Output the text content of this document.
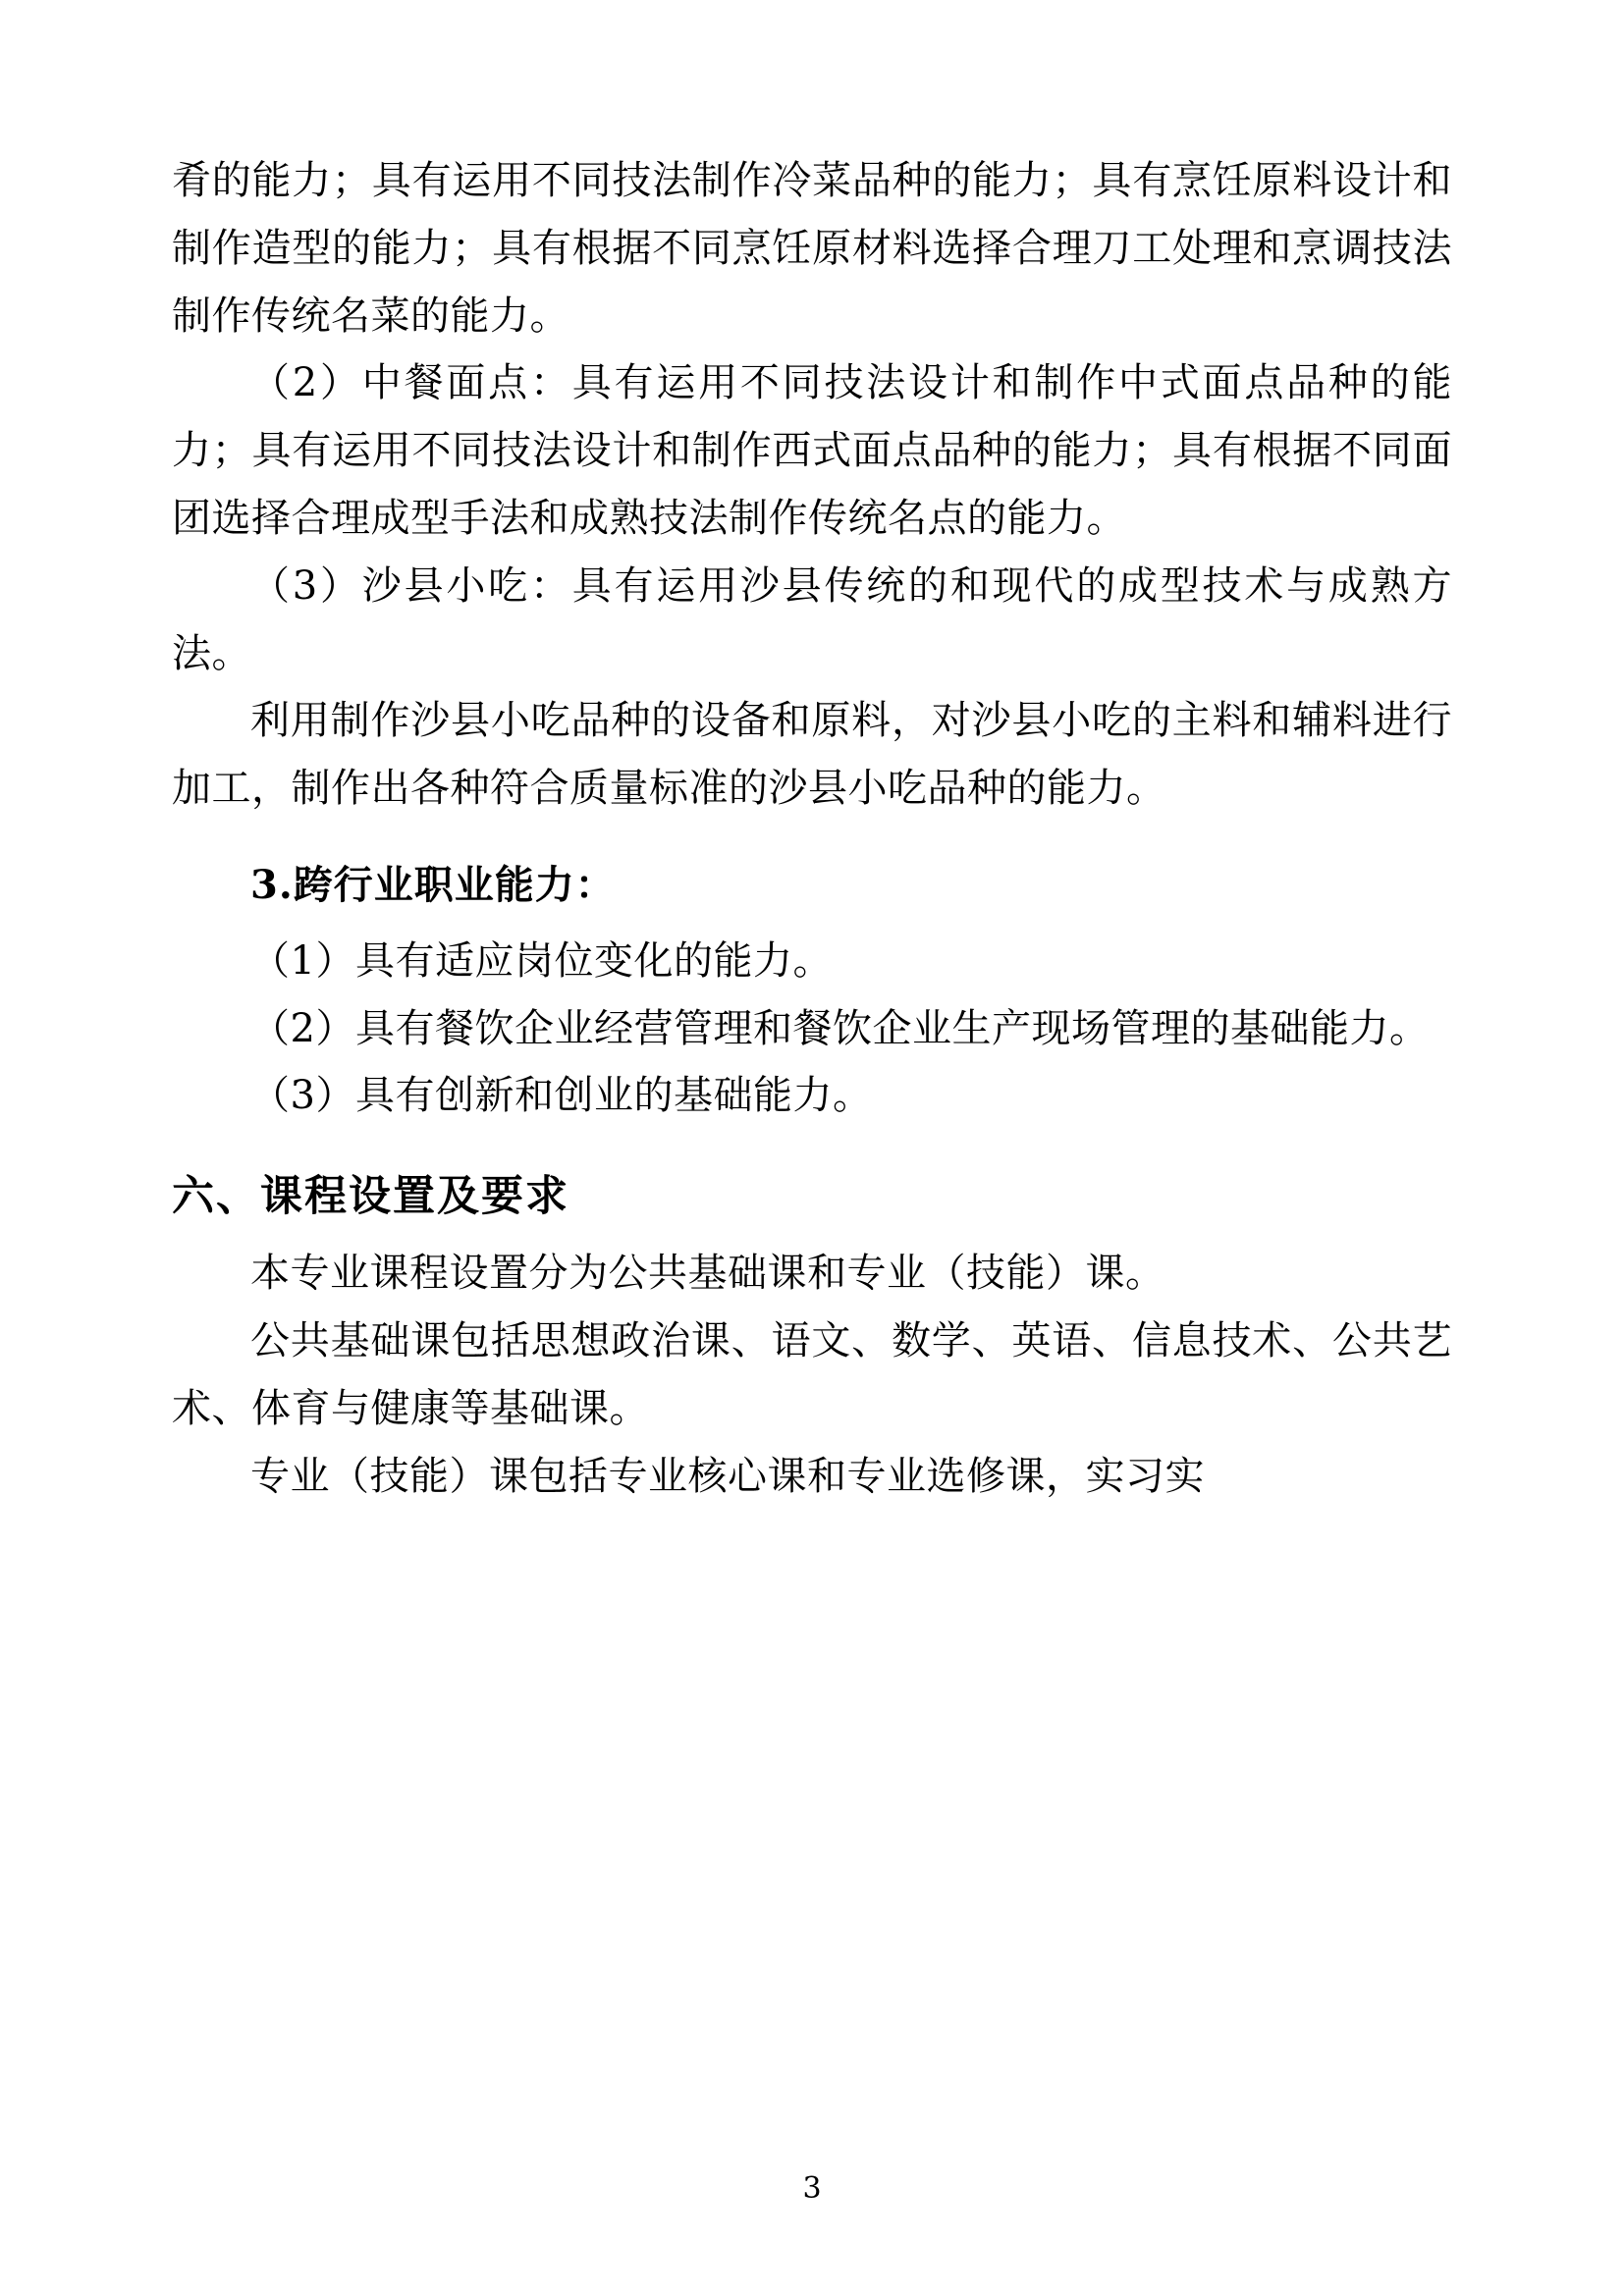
肴的能力；具有运用不同技法制作冷菜品种的能力；具有烹饪原料设计和制作造型的能力；具有根据不同烹饪原材料选择合理刀工处理和烹调技法制作传统名菜的能力。

（2）中餐面点：具有运用不同技法设计和制作中式面点品种的能力；具有运用不同技法设计和制作西式面点品种的能力；具有根据不同面团选择合理成型手法和成熟技法制作传统名点的能力。

（3）沙县小吃：具有运用沙县传统的和现代的成型技术与成熟方法。

利用制作沙县小吃品种的设备和原料，对沙县小吃的主料和辅料进行加工，制作出各种符合质量标准的沙县小吃品种的能力。

3.跨行业职业能力：

（1）具有适应岗位变化的能力。

（2）具有餐饮企业经营管理和餐饮企业生产现场管理的基础能力。

（3）具有创新和创业的基础能力。

六、课程设置及要求

本专业课程设置分为公共基础课和专业（技能）课。

公共基础课包括思想政治课、语文、数学、英语、信息技术、公共艺术、体育与健康等基础课。

专业（技能）课包括专业核心课和专业选修课，实习实

3
